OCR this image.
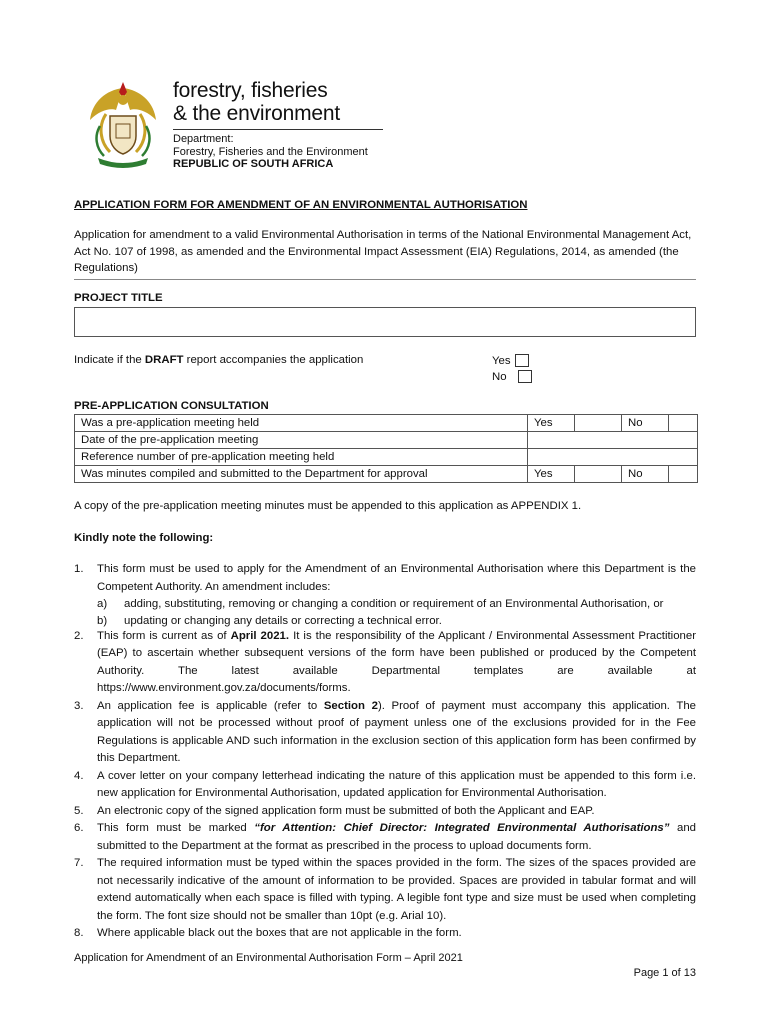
forestry, fisheries
& the environment
Department:
Forestry, Fisheries and the Environment
REPUBLIC OF SOUTH AFRICA
APPLICATION FORM FOR AMENDMENT OF AN ENVIRONMENTAL AUTHORISATION
Application for amendment to a valid Environmental Authorisation in terms of the National Environmental Management Act, Act No. 107 of 1998, as amended and the Environmental Impact Assessment (EIA) Regulations, 2014, as amended (the Regulations)
PROJECT TITLE
Indicate if the DRAFT report accompanies the application	Yes
No
PRE-APPLICATION CONSULTATION
Was a pre-application meeting held	Yes		No	
Date of the pre-application meeting				
Reference number of pre-application meeting held				
Was minutes compiled and submitted to the Department for approval	Yes		No	
A copy of the pre-application meeting minutes must be appended to this application as APPENDIX 1.
Kindly note the following:
1. This form must be used to apply for the Amendment of an Environmental Authorisation where this Department is the Competent Authority. An amendment includes:
a) adding, substituting, removing or changing a condition or requirement of an Environmental Authorisation, or
b) updating or changing any details or correcting a technical error.
2. This form is current as of April 2021. It is the responsibility of the Applicant / Environmental Assessment Practitioner (EAP) to ascertain whether subsequent versions of the form have been published or produced by the Competent Authority. The latest available Departmental templates are available at https://www.environment.gov.za/documents/forms.
3. An application fee is applicable (refer to Section 2). Proof of payment must accompany this application. The application will not be processed without proof of payment unless one of the exclusions provided for in the Fee Regulations is applicable AND such information in the exclusion section of this application form has been confirmed by this Department.
4. A cover letter on your company letterhead indicating the nature of this application must be appended to this form i.e. new application for Environmental Authorisation, updated application for Environmental Authorisation.
5. An electronic copy of the signed application form must be submitted of both the Applicant and EAP.
6. This form must be marked “for Attention: Chief Director: Integrated Environmental Authorisations” and submitted to the Department at the format as prescribed in the process to upload documents form.
7. The required information must be typed within the spaces provided in the form. The sizes of the spaces provided are not necessarily indicative of the amount of information to be provided. Spaces are provided in tabular format and will extend automatically when each space is filled with typing. A legible font type and size must be used when completing the form. The font size should not be smaller than 10pt (e.g. Arial 10).
8. Where applicable black out the boxes that are not applicable in the form.
Application for Amendment of an Environmental Authorisation Form – April 2021
Page 1 of 13
